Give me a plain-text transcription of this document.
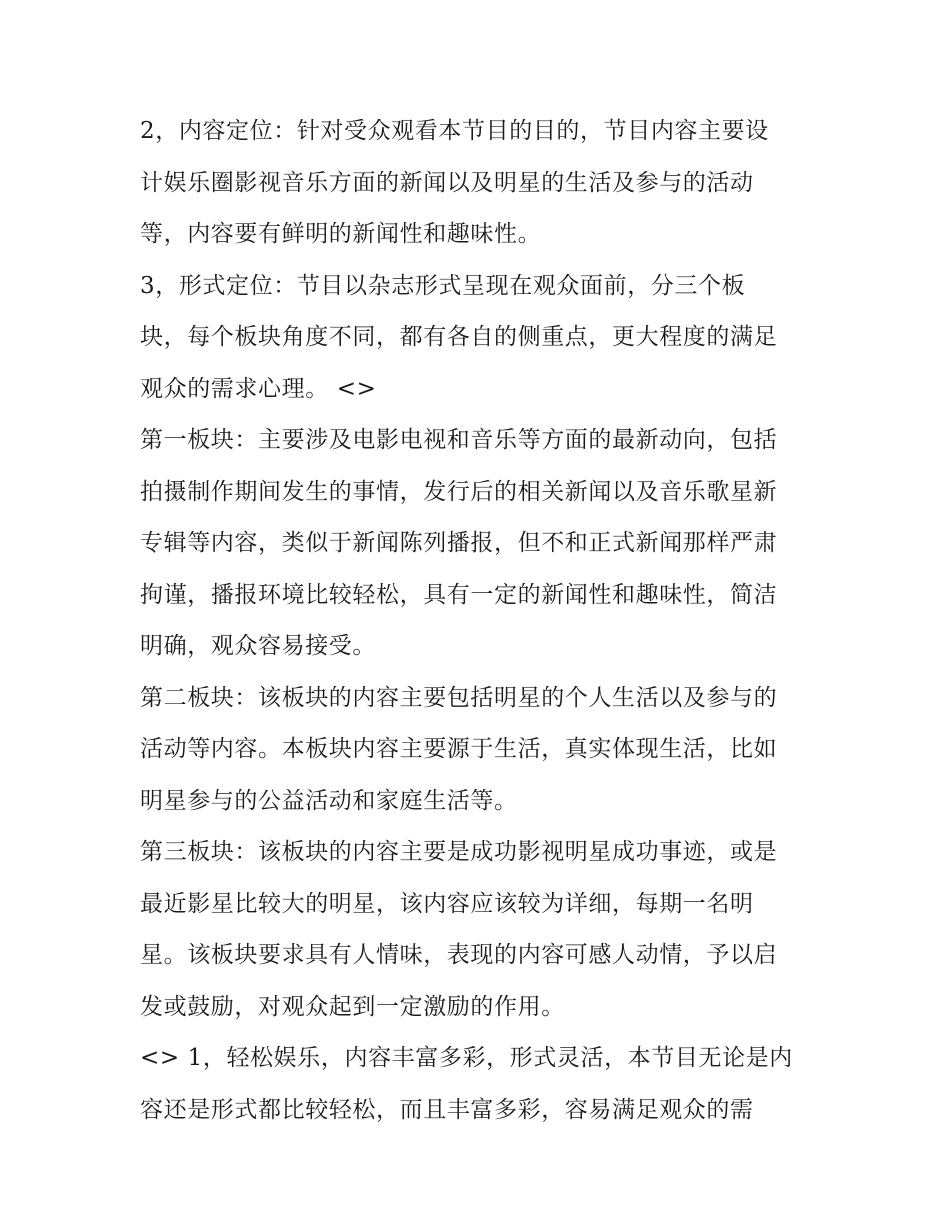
2，内容定位：针对受众观看本节目的目的，节目内容主要设
计娱乐圈影视音乐方面的新闻以及明星的生活及参与的活动
等，内容要有鲜明的新闻性和趣味性。
3，形式定位：节目以杂志形式呈现在观众面前，分三个板
块，每个板块角度不同，都有各自的侧重点，更大程度的满足
观众的需求心理。 <>
第一板块：主要涉及电影电视和音乐等方面的最新动向，包括
拍摄制作期间发生的事情，发行后的相关新闻以及音乐歌星新
专辑等内容，类似于新闻陈列播报，但不和正式新闻那样严肃
拘谨，播报环境比较轻松，具有一定的新闻性和趣味性，简洁
明确，观众容易接受。
第二板块：该板块的内容主要包括明星的个人生活以及参与的
活动等内容。本板块内容主要源于生活，真实体现生活，比如
明星参与的公益活动和家庭生活等。
第三板块：该板块的内容主要是成功影视明星成功事迹，或是
最近影星比较大的明星，该内容应该较为详细，每期一名明
星。该板块要求具有人情味，表现的内容可感人动情，予以启
发或鼓励，对观众起到一定激励的作用。
<> 1，轻松娱乐，内容丰富多彩，形式灵活，本节目无论是内
容还是形式都比较轻松，而且丰富多彩，容易满足观众的需
